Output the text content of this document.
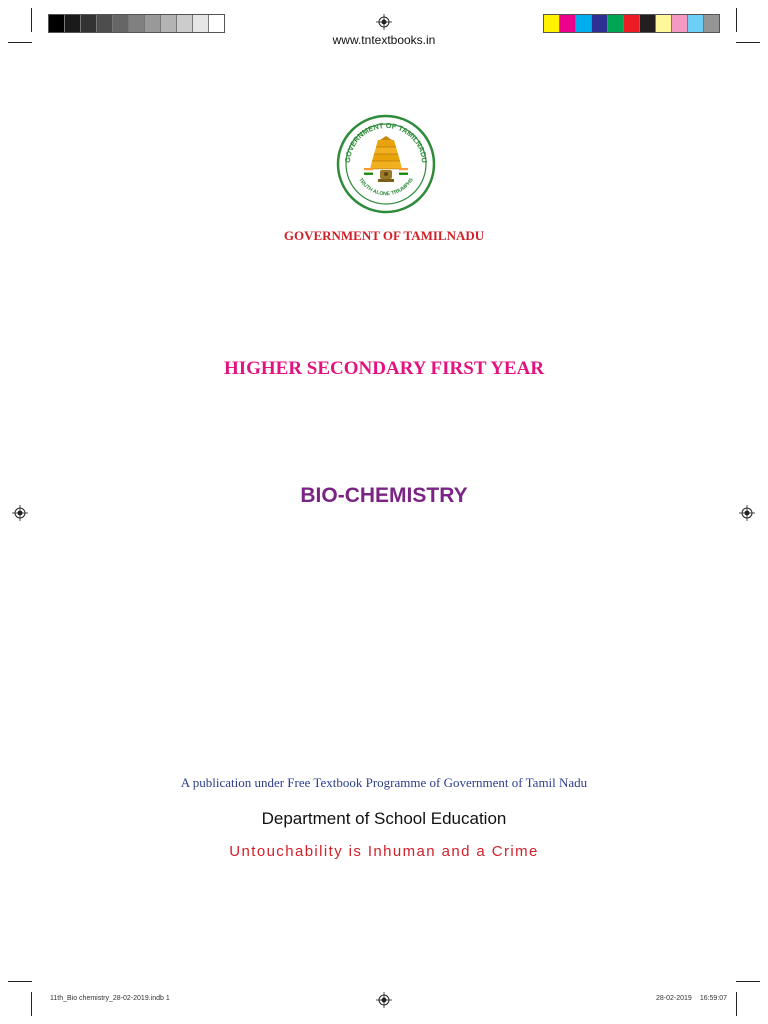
www.tntextbooks.in
GOVERNMENT OF TAMILNADU
TRUTH ALONE TRIUMPHS
GOVERNMENT OF TAMILNADU
HIGHER SECONDARY FIRST YEAR
BIO-CHEMISTRY
A publication under Free Textbook Programme of Government of Tamil Nadu
Department of School Education
Untouchability is Inhuman and a Crime
11th_Bio chemistry_28-02-2019.indb 1	28-02-2019 16:59:07
